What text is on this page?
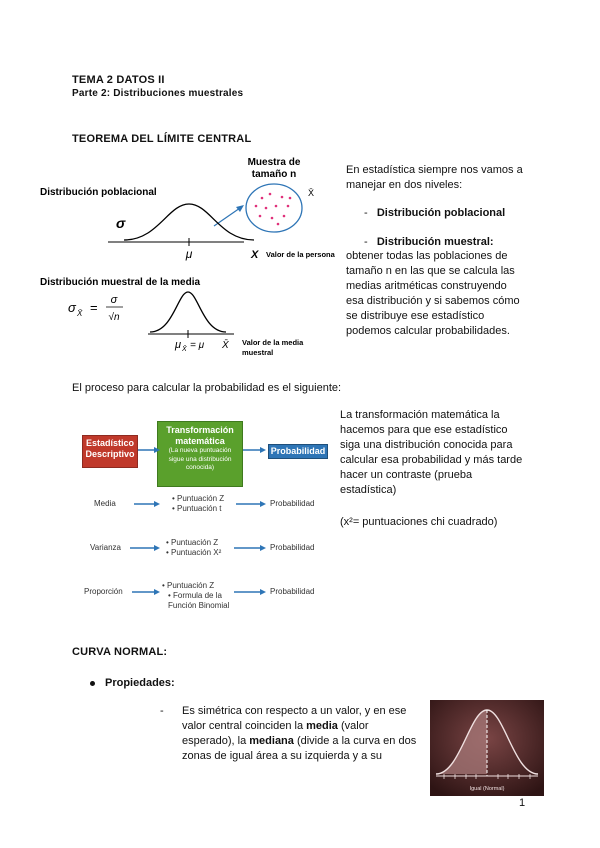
TEMA 2 DATOS II
Parte 2: Distribuciones muestrales
TEOREMA DEL LÍMITE CENTRAL
Muestra de
tamaño n
X̄
Distribución poblacional
σ
μ	X Valor de la persona
Distribución muestral de la media
σ X̄ = σ
√n
μ X̄ = μ X̄ Valor de la media
muestral
En estadística siempre nos vamos a
manejar en dos niveles:
-   Distribución poblacional
-   Distribución muestral:
obtener todas las poblaciones de
tamaño n en las que se calcula las
medias aritméticas construyendo
esa distribución y si sabemos cómo
se distribuye ese estadístico
podemos calcular probabilidades.
El proceso para calcular la probabilidad es el siguiente:
Estadístico
Descriptivo
Transformación
matemática
(La nueva puntuación
sigue una distribución
conocida)
Probabilidad
Media
• Puntuación Z
• Puntuación t
Probabilidad
Varianza
• Puntuación Z
• Puntuación X²
Probabilidad
Proporción
• Puntuación Z
• Formula de la
Función Binomial
Probabilidad
La transformación matemática la
hacemos para que ese estadístico
siga una distribución conocida para
calcular esa probabilidad y más tarde
hacer un contraste (prueba
estadística)
(x²= puntuaciones chi cuadrado)
CURVA NORMAL:
Propiedades:
- Es simétrica con respecto a un valor, y en ese
valor central coinciden la media (valor
esperado), la mediana (divide a la curva en dos
zonas de igual área a su izquierda y a su
Igual (Normal)
1
